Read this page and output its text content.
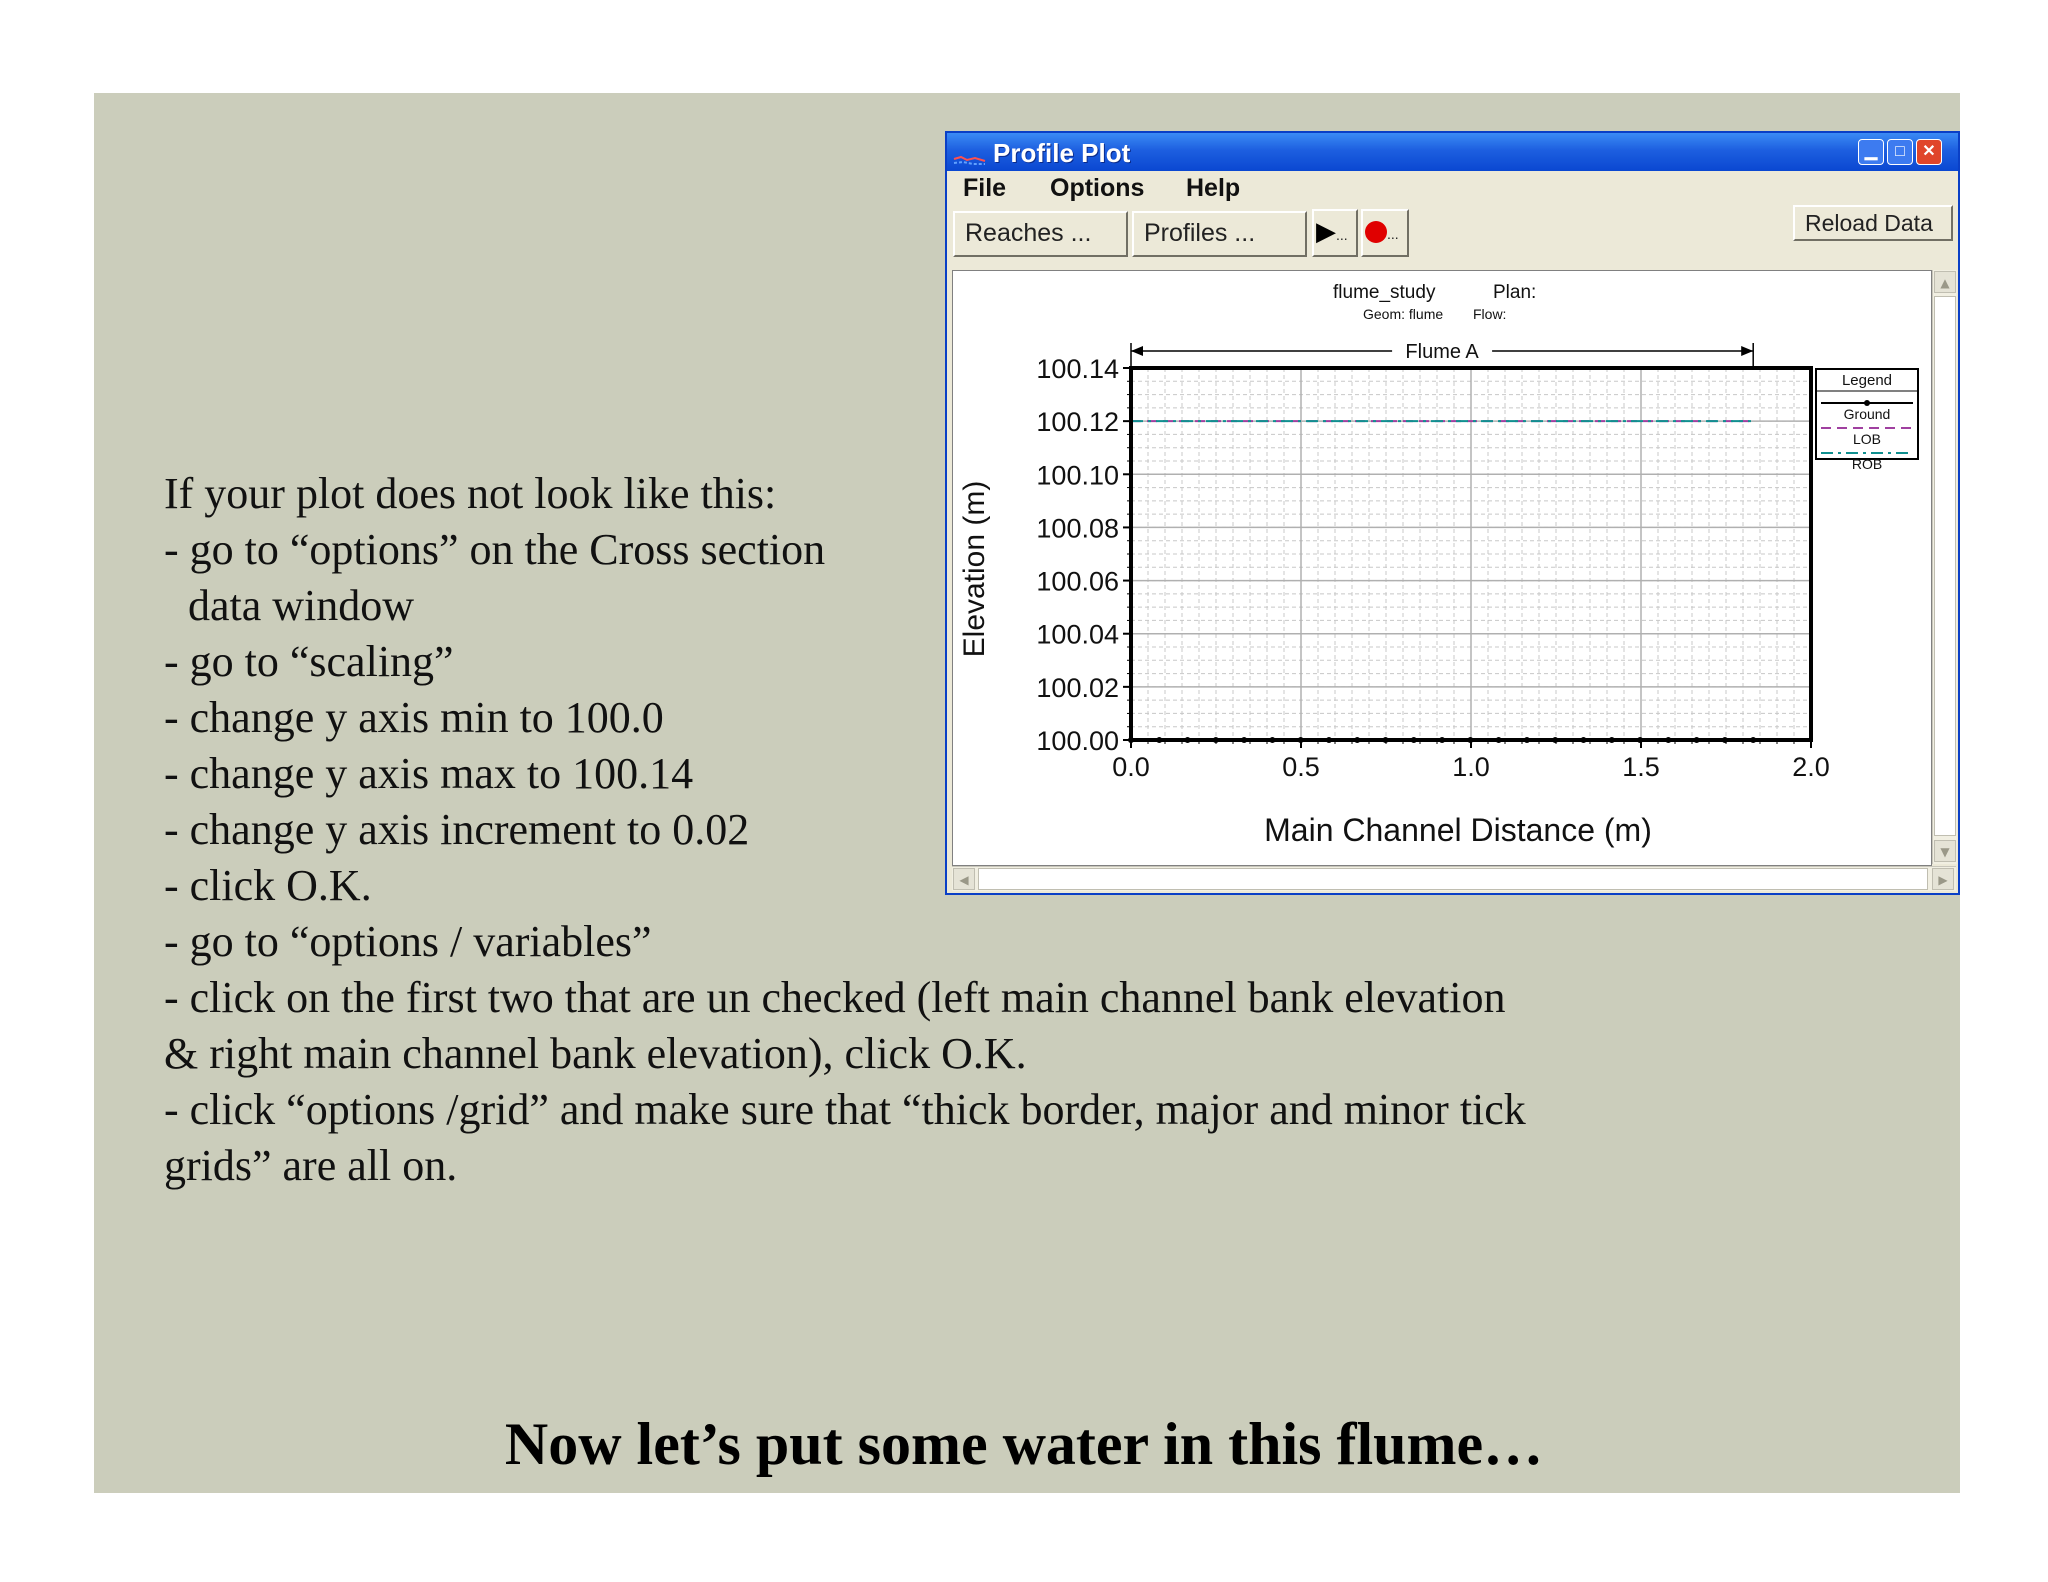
If your plot does not look like this:
- go to “options” on the Cross section
data window
- go to “scaling”
- change y axis min to 100.0
- change y axis max to 100.14
- change y axis increment to 0.02
- click O.K.
- go to “options / variables”
- click on the first two that are un checked (left main channel bank elevation
& right main channel bank elevation), click O.K.
- click “options /grid” and make sure that “thick border, major and minor tick
grids” are all on.
Now let’s put some water in this flume…
Profile Plot	▁	□	✕
File Options Help
Reaches ...	Profiles ...	▶...	...	Reload Data
100.00
100.02
100.04
100.06
100.08
100.10
100.12
100.14
0.0	0.5	1.0	1.5	2.0
flume_study	Plan:
Geom: flume Flow:
Flume A
Elevation (m)
Main Channel Distance (m)
Legend
Ground
LOB
ROB
▲
▼
◀	▶
